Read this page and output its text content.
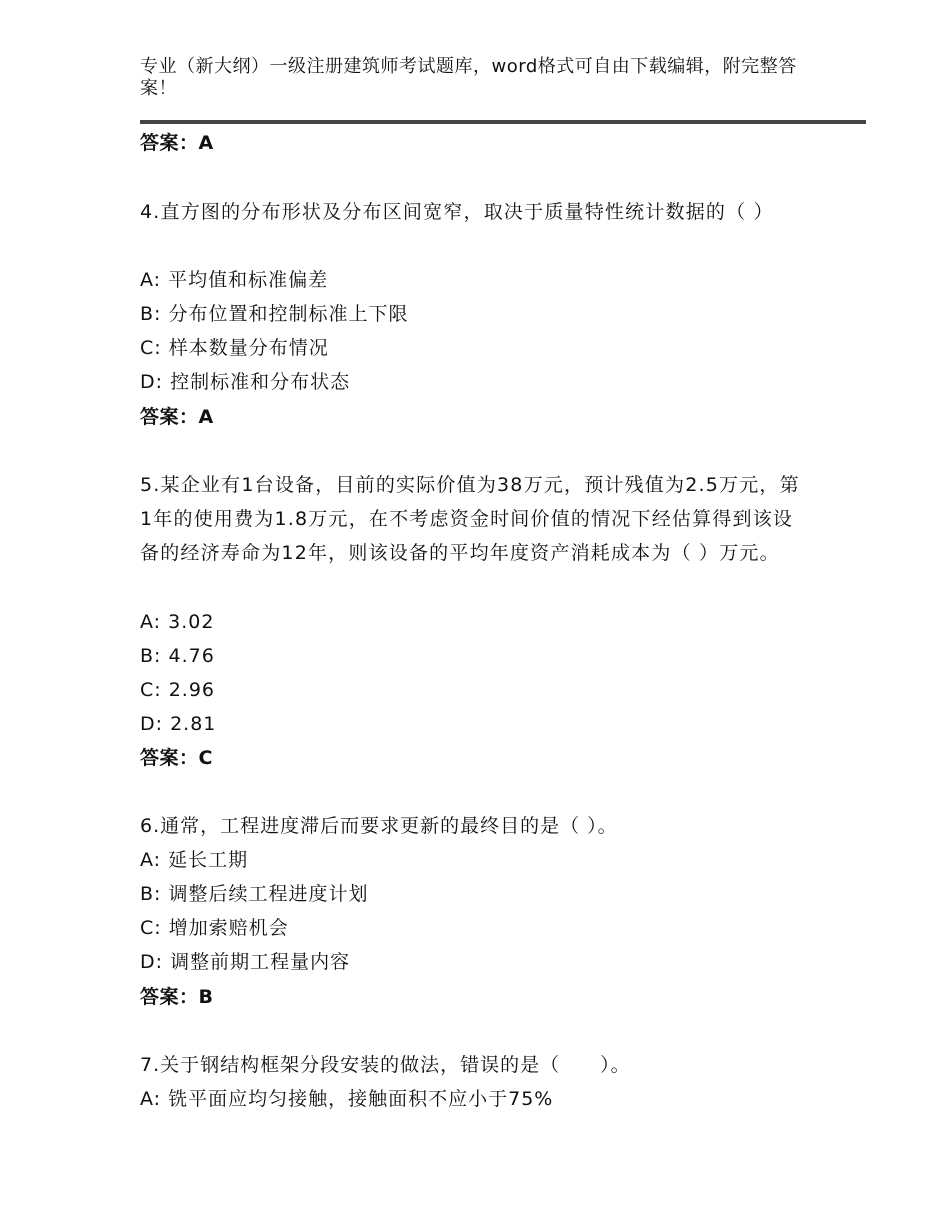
专业（新大纲）一级注册建筑师考试题库，word格式可自由下载编辑，附完整答案！
答案：A
4.直方图的分布形状及分布区间宽窄，取决于质量特性统计数据的（ ）
A: 平均值和标准偏差
B: 分布位置和控制标准上下限
C: 样本数量分布情况
D: 控制标准和分布状态
答案：A
5.某企业有1台设备，目前的实际价值为38万元，预计残值为2.5万元，第1年的使用费为1.8万元，在不考虑资金时间价值的情况下经估算得到该设备的经济寿命为12年，则该设备的平均年度资产消耗成本为（ ）万元。
A: 3.02
B: 4.76
C: 2.96
D: 2.81
答案：C
6.通常，工程进度滞后而要求更新的最终目的是（ ）。
A: 延长工期
B: 调整后续工程进度计划
C: 增加索赔机会
D: 调整前期工程量内容
答案：B
7.关于钢结构框架分段安装的做法，错误的是（　　）。
A: 铣平面应均匀接触，接触面积不应小于75%
